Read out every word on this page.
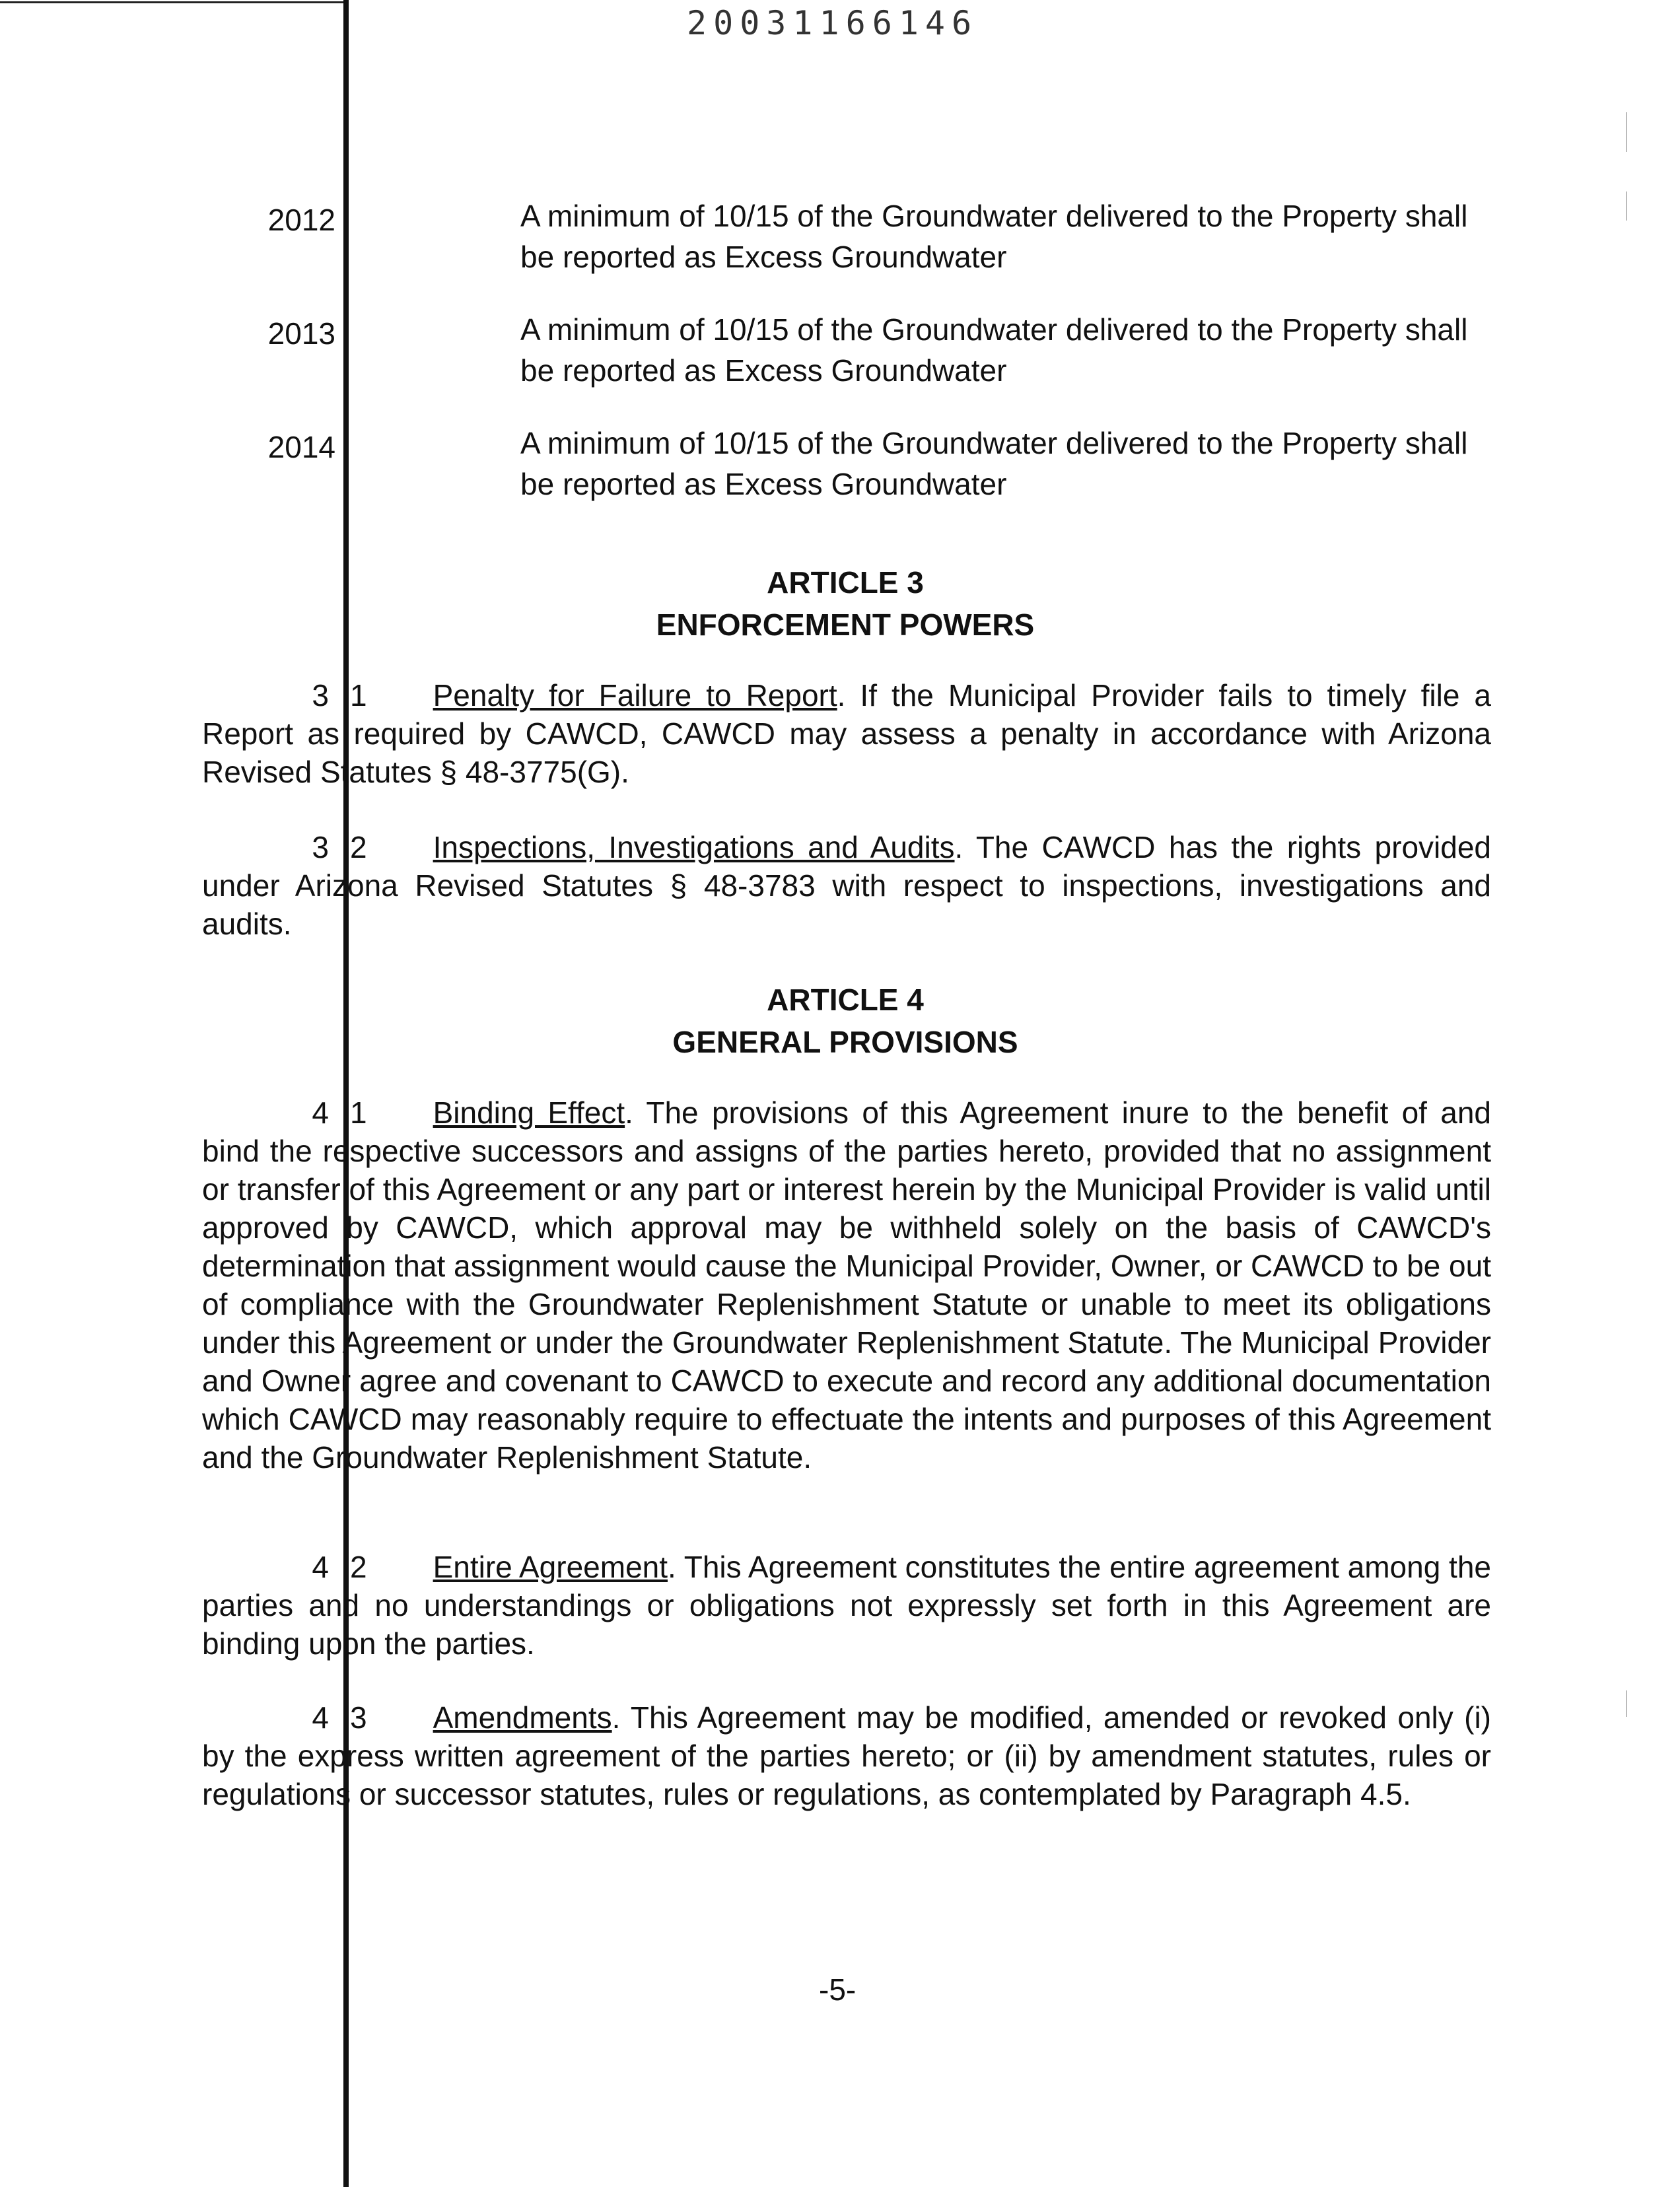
20031166146
2012	A minimum of 10/15 of the Groundwater delivered to the Property shall be reported as Excess Groundwater
2013	A minimum of 10/15 of the Groundwater delivered to the Property shall be reported as Excess Groundwater
2014	A minimum of 10/15 of the Groundwater delivered to the Property shall be reported as Excess Groundwater
ARTICLE 3
ENFORCEMENT POWERS
3 1 Penalty for Failure to Report. If the Municipal Provider fails to timely file a Report as required by CAWCD, CAWCD may assess a penalty in accordance with Arizona Revised Statutes § 48-3775(G).
3 2 Inspections, Investigations and Audits. The CAWCD has the rights provided under Arizona Revised Statutes § 48-3783 with respect to inspections, investigations and audits.
ARTICLE 4
GENERAL PROVISIONS
4 1 Binding Effect. The provisions of this Agreement inure to the benefit of and bind the respective successors and assigns of the parties hereto, provided that no assignment or transfer of this Agreement or any part or interest herein by the Municipal Provider is valid until approved by CAWCD, which approval may be withheld solely on the basis of CAWCD's determination that assignment would cause the Municipal Provider, Owner, or CAWCD to be out of compliance with the Groundwater Replenishment Statute or unable to meet its obligations under this Agreement or under the Groundwater Replenishment Statute. The Municipal Provider and Owner agree and covenant to CAWCD to execute and record any additional documentation which CAWCD may reasonably require to effectuate the intents and purposes of this Agreement and the Groundwater Replenishment Statute.
4 2 Entire Agreement. This Agreement constitutes the entire agreement among the parties and no understandings or obligations not expressly set forth in this Agreement are binding upon the parties.
4 3 Amendments. This Agreement may be modified, amended or revoked only (i) by the express written agreement of the parties hereto; or (ii) by amendment statutes, rules or regulations or successor statutes, rules or regulations, as contemplated by Paragraph 4.5.
-5-
